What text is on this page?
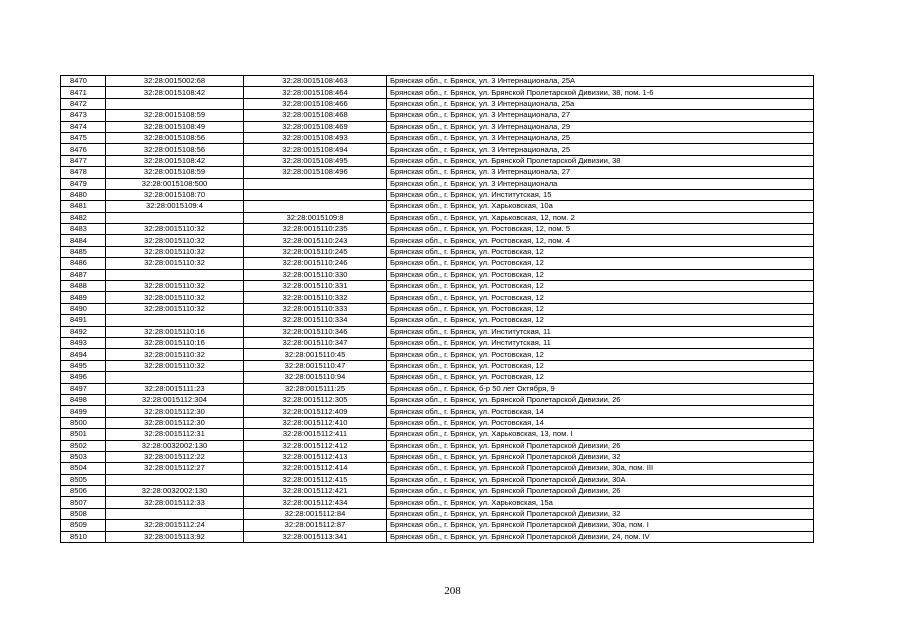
8470	32:28:0015002:68	32:28:0015108:463	Брянская обл., г. Брянск, ул. 3 Интернационала, 25А
8471	32:28:0015108:42	32:28:0015108:464	Брянская обл., г. Брянск, ул. Брянской Пролетарской Дивизии, 38, пом. 1-6
8472		32:28:0015108:466	Брянская обл., г. Брянск, ул. 3 Интернационала, 25а
8473	32:28:0015108:59	32:28:0015108:468	Брянская обл., г. Брянск, ул. 3 Интернационала, 27
8474	32:28:0015108:49	32:28:0015108:469	Брянская обл., г. Брянск, ул. 3 Интернационала, 29
8475	32:28:0015108:56	32:28:0015108:493	Брянская обл., г. Брянск, ул. 3 Интернационала, 25
8476	32:28:0015108:56	32:28:0015108:494	Брянская обл., г. Брянск, ул. 3 Интернационала, 25
8477	32:28:0015108:42	32:28:0015108:495	Брянская обл., г. Брянск, ул. Брянской Пролетарской Дивизии, 38
8478	32:28:0015108:59	32:28:0015108:496	Брянская обл., г. Брянск, ул. 3 Интернационала, 27
8479	32:28:0015108:500		Брянская обл., г. Брянск, ул. 3 Интернационала
8480	32:28:0015108:70		Брянская обл., г. Брянск, ул. Институтская, 15
8481	32:28:0015109:4		Брянская обл., г. Брянск, ул. Харьковская, 10а
8482		32:28:0015109:8	Брянская обл., г. Брянск, ул. Харьковская, 12, пом. 2
8483	32:28:0015110:32	32:28:0015110:235	Брянская обл., г. Брянск, ул. Ростовская, 12, пом. 5
8484	32:28:0015110:32	32:28:0015110:243	Брянская обл., г. Брянск, ул. Ростовская, 12, пом. 4
8485	32:28:0015110:32	32:28:0015110:245	Брянская обл., г. Брянск, ул. Ростовская, 12
8486	32:28:0015110:32	32:28:0015110:246	Брянская обл., г. Брянск, ул. Ростовская, 12
8487		32:28:0015110:330	Брянская обл., г. Брянск, ул. Ростовская, 12
8488	32:28:0015110:32	32:28:0015110:331	Брянская обл., г. Брянск, ул. Ростовская, 12
8489	32:28:0015110:32	32:28:0015110:332	Брянская обл., г. Брянск, ул. Ростовская, 12
8490	32:28:0015110:32	32:28:0015110:333	Брянская обл., г. Брянск, ул. Ростовская, 12
8491		32:28:0015110:334	Брянская обл., г. Брянск, ул. Ростовская, 12
8492	32:28:0015110:16	32:28:0015110:346	Брянская обл., г. Брянск, ул. Институтская, 11
8493	32:28:0015110:16	32:28:0015110:347	Брянская обл., г. Брянск, ул. Институтская, 11
8494	32:28:0015110:32	32:28:0015110:45	Брянская обл., г. Брянск, ул. Ростовская, 12
8495	32:28:0015110:32	32:28:0015110:47	Брянская обл., г. Брянск, ул. Ростовская, 12
8496		32:28:0015110:94	Брянская обл., г. Брянск, ул. Ростовская, 12
8497	32:28:0015111:23	32:28:0015111:25	Брянская обл., г. Брянск, б-р 50 лет Октября, 9
8498	32:28:0015112:304	32:28:0015112:305	Брянская обл., г. Брянск, ул. Брянской Пролетарской Дивизии, 26
8499	32:28:0015112:30	32:28:0015112:409	Брянская обл., г. Брянск, ул. Ростовская, 14
8500	32:28:0015112:30	32:28:0015112:410	Брянская обл., г. Брянск, ул. Ростовская, 14
8501	32:28:0015112:31	32:28:0015112:411	Брянская обл., г. Брянск, ул. Харьковская, 13, пом. I
8502	32:28:0032002:130	32:28:0015112:412	Брянская обл., г. Брянск, ул. Брянской Пролетарской Дивизии, 26
8503	32:28:0015112:22	32:28:0015112:413	Брянская обл., г. Брянск, ул. Брянской Пролетарской Дивизии, 32
8504	32:28:0015112:27	32:28:0015112:414	Брянская обл., г. Брянск, ул. Брянской Пролетарской Дивизии, 30а, пом. III
8505		32:28:0015112:415	Брянская обл., г. Брянск, ул. Брянской Пролетарской Дивизии, 30А
8506	32:28:0032002:130	32:28:0015112:421	Брянская обл., г. Брянск, ул. Брянской Пролетарской Дивизии, 26
8507	32:28:0015112:33	32:28:0015112:434	Брянская обл., г. Брянск, ул. Харьковская, 15а
8508		32:28:0015112:84	Брянская обл., г. Брянск, ул. Брянской Пролетарской Дивизии, 32
8509	32:28:0015112:24	32:28:0015112:87	Брянская обл., г. Брянск, ул. Брянской Пролетарской Дивизии, 30а, пом. I
8510	32:28:0015113:92	32:28:0015113:341	Брянская обл., г. Брянск, ул. Брянской Пролетарской Дивизии, 24, пом. IV
208
